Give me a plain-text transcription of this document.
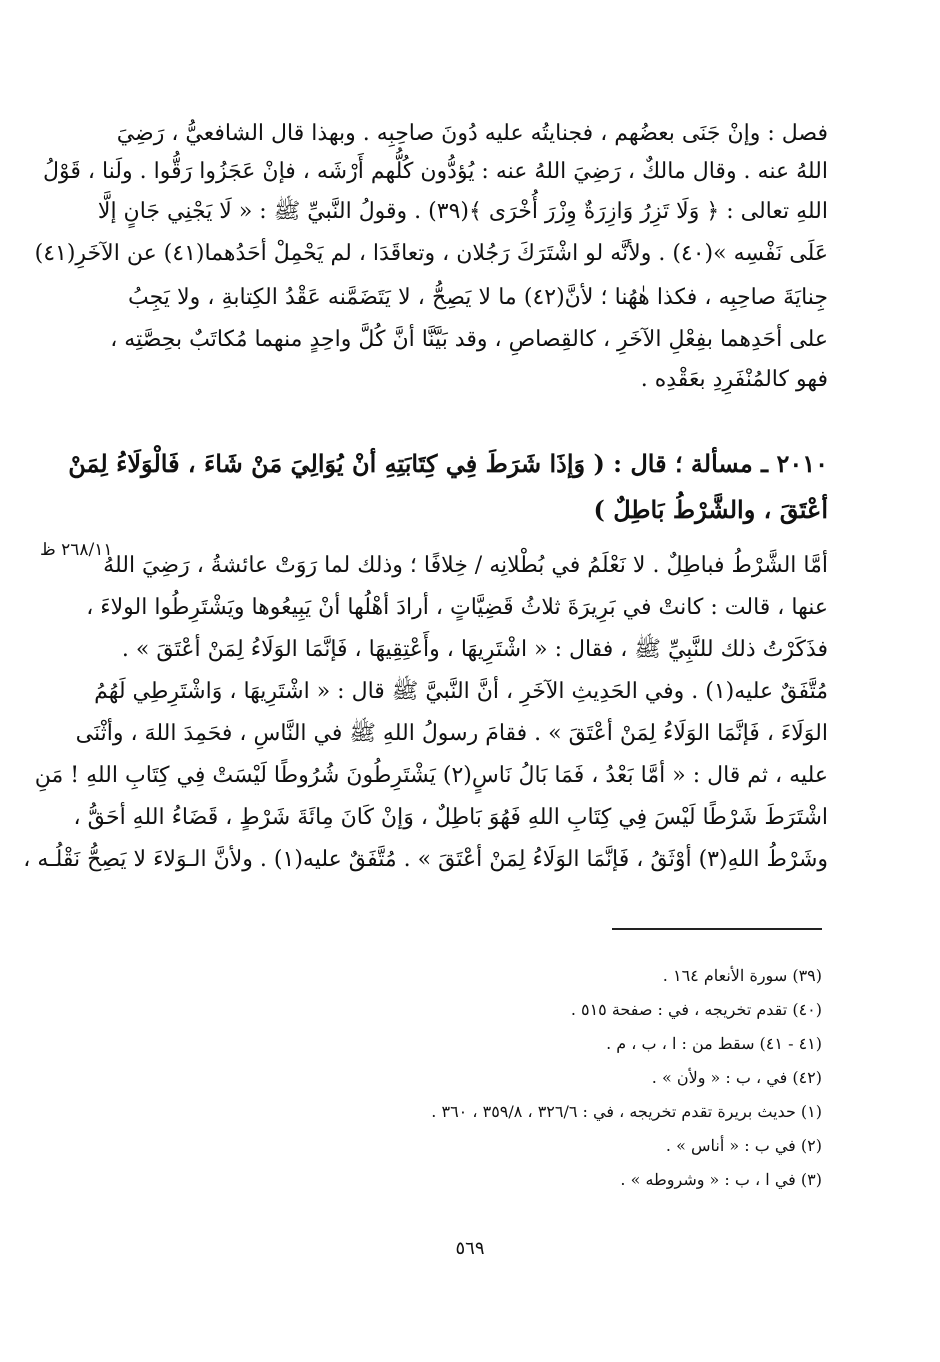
فصل : وإنْ جَنَى بعضُهم ، فجنايتُه عليه دُونَ صاحِبِه . وبهذا قال الشافعيُّ ، رَضِيَ
اللهُ عنه . وقال مالكٌ ، رَضِيَ اللهُ عنه : يُؤدُّون كُلُّهم أَرْشَه ، فإنْ عَجَزُوا رَقُّوا . ولَنا ، قَوْلُ
اللهِ تعالى : ﴿ وَلَا تَزِرُ وَازِرَةٌ وِزْرَ أُخْرَى ﴾(٣٩) . وقولُ النَّبيِّ ﷺ : « لَا يَجْنِي جَانٍ إلَّا
عَلَى نَفْسِه »(٤٠) . ولأنَّه لو اشْتَرَكَ رَجُلان ، وتعاقَدَا ، لم يَحْمِلْ أحَدُهما(٤١) عن الآخَرِ(٤١)
جِنايَةَ صاحِبِه ، فكذا هٰهُنا ؛ لأنَّ(٤٢) ما لا يَصِحُّ ، لا يَتَضَمَّنه عَقْدُ الكِتابةِ ، ولا يَجِبُ
على أحَدِهما بفِعْلِ الآخَرِ ، كالقِصاصِ ، وقد بَيَّنَّا أنَّ كُلَّ واحِدٍ منهما مُكاتَبٌ بحِصَّتِه ،
فهو كالمُنْفَرِدِ بعَقْدِه .
٢٠١٠ ـ مسألة ؛ قال : ( وَإذَا شَرَطَ فِي كِتَابَتِهِ أنْ يُوَالِيَ مَنْ شَاءَ ، فَالْوَلَاءُ لِمَنْ
أعْتَقَ ، والشَّرْطُ بَاطِلٌ )
٢٦٨/١١ ظ
أمَّا الشَّرْطُ فباطِلٌ . لا نَعْلَمُ في بُطْلانِه / خِلافًا ؛ وذلك لما رَوَتْ عائشةُ ، رَضِيَ اللهُ
عنها ، قالت : كانتْ في بَرِيرَةَ ثلاثُ قَضِيَّاتٍ ، أرادَ أهْلُها أنْ يَبِيعُوها ويَشْتَرِطُوا الولاءَ ،
فذَكَرْتُ ذلك للنَّبِيِّ ﷺ ، فقال : « اشْتَرِيهَا ، وأَعْتِقِيهَا ، فَإنَّمَا الوَلَاءُ لِمَنْ أعْتَقَ » .
مُتَّفَقٌ عليه(١) . وفي الحَدِيثِ الآخَرِ ، أنَّ النَّبيَّ ﷺ قال : « اشْتَرِيهَا ، وَاشْتَرِطِي لَهُمُ
الوَلَاءَ ، فَإنَّمَا الوَلَاءُ لِمَنْ أعْتَقَ » . فقامَ رسولُ اللهِ ﷺ في النَّاسِ ، فحَمِدَ اللهَ ، وأثْنَى
عليه ، ثم قال : « أمَّا بَعْدُ ، فَمَا بَالُ نَاسٍ(٢) يَشْتَرِطُونَ شُرُوطًا لَيْسَتْ فِي كِتَابِ اللهِ ! مَنِ
اشْتَرَطَ شَرْطًا لَيْسَ فِي كِتَابِ اللهِ فَهُوَ بَاطِلٌ ، وَإنْ كَانَ مِائَةَ شَرْطٍ ، قَضَاءُ اللهِ أحَقُّ ،
وشَرْطُ اللهِ(٣) أوْثَقُ ، فَإنَّمَا الوَلَاءُ لِمَنْ أعْتَقَ » . مُتَّفَقٌ عليه(١) . ولأنَّ الـوَلاءَ لا يَصِحُّ نَقْلُـه ،
(٣٩) سورة الأنعام ١٦٤ .
(٤٠) تقدم تخريجه ، في : صفحة ٥١٥ .
(٤١ - ٤١) سقط من : ا ، ب ، م .
(٤٢) في ، ب : « ولأن » .
(١) حديث بريرة تقدم تخريجه ، في : ٣٢٦/٦ ، ٣٥٩/٨ ، ٣٦٠ .
(٢) في ب : « أناس » .
(٣) في ا ، ب : « وشروطه » .
٥٦٩
